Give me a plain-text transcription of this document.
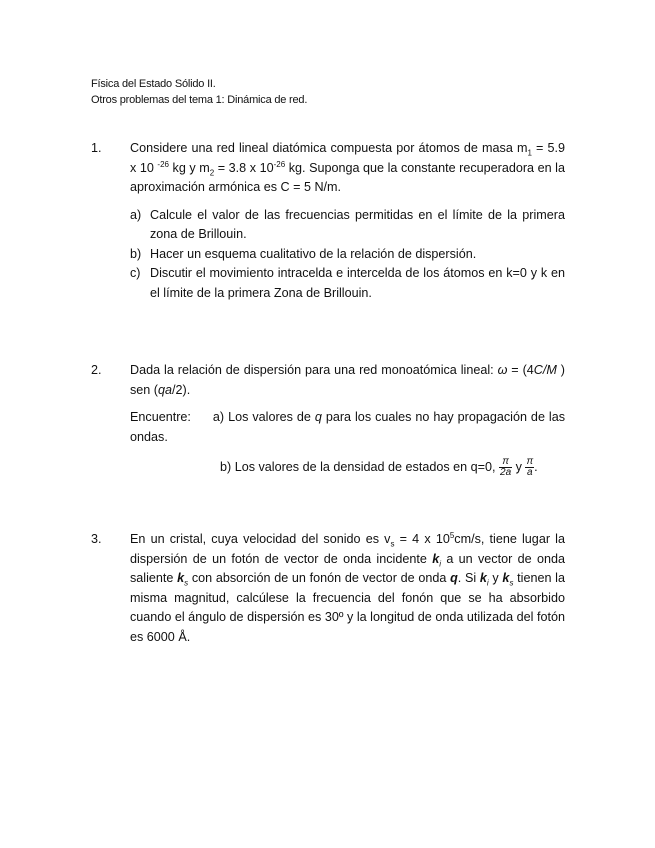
Física del Estado Sólido II.
Otros problemas del tema 1: Dinámica de red.
1.	Considere una red lineal diatómica compuesta por átomos de masa $m_1 = 5.9$ x 10 $^{-26}$ kg y $m_2 = 3.8$ x $10^{-26}$ kg. Suponga que la constante recuperadora en la aproximación armónica es C = 5 N/m.
a) Calcule el valor de las frecuencias permitidas en el límite de la primera zona de Brillouin.
b) Hacer un esquema cualitativo de la relación de dispersión.
c) Discutir el movimiento intracelda e intercelda de los átomos en k=0 y k en el límite de la primera Zona de Brillouin.
2.	Dada la relación de dispersión para una red monoatómica lineal: ω = (4C/M ) sen (qa/2).
Encuentre: a) Los valores de q para los cuales no hay propagación de las ondas.
b) Los valores de la densidad de estados en q=0, $\frac{\pi}{2a}$ y $\frac{\pi}{a}$ .
3.	En un cristal, cuya velocidad del sonido es $v_s = 4$ x $10^5cm/s$, tiene lugar la dispersión de un fotón de vector de onda incidente $k_i$ a un vector de onda saliente $k_s$ con absorción de un fonón de vector de onda q. Si $k_i$ y $k_s$ tienen la misma magnitud, calcúlese la frecuencia del fonón que se ha absorbido cuando el ángulo de dispersión es 30º y la longitud de onda utilizada del fotón es 6000 Å.
